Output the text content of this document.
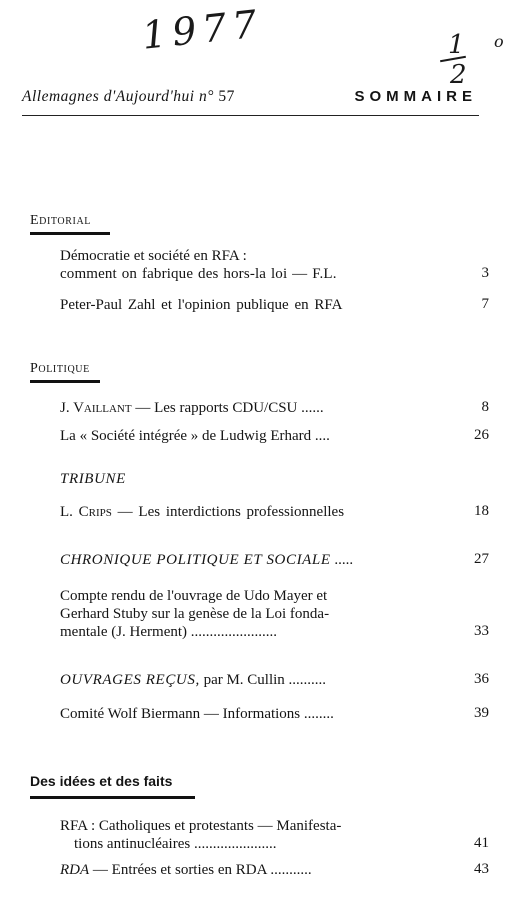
1977	1
2
o
Allemagnes d'Aujourd'hui n° 57	SOMMAIRE
Editorial
Démocratie et société en RFA :
comment on fabrique des hors-la loi — F.L.	3
Peter-Paul Zahl et l'opinion publique en RFA	7
Politique
J. Vaillant — Les rapports CDU/CSU ......	8
La « Société intégrée » de Ludwig Erhard ....	26
TRIBUNE
L. Crips — Les interdictions professionnelles	18
CHRONIQUE POLITIQUE ET SOCIALE .....	27
Compte rendu de l'ouvrage de Udo Mayer et
Gerhard Stuby sur la genèse de la Loi fonda-
mentale (J. Herment) .......................	33
OUVRAGES REÇUS, par M. Cullin ..........	36
Comité Wolf Biermann — Informations ........	39
Des idées et des faits
RFA : Catholiques et protestants — Manifesta-
tions antinucléaires ......................	41
RDA — Entrées et sorties en RDA ...........	43
